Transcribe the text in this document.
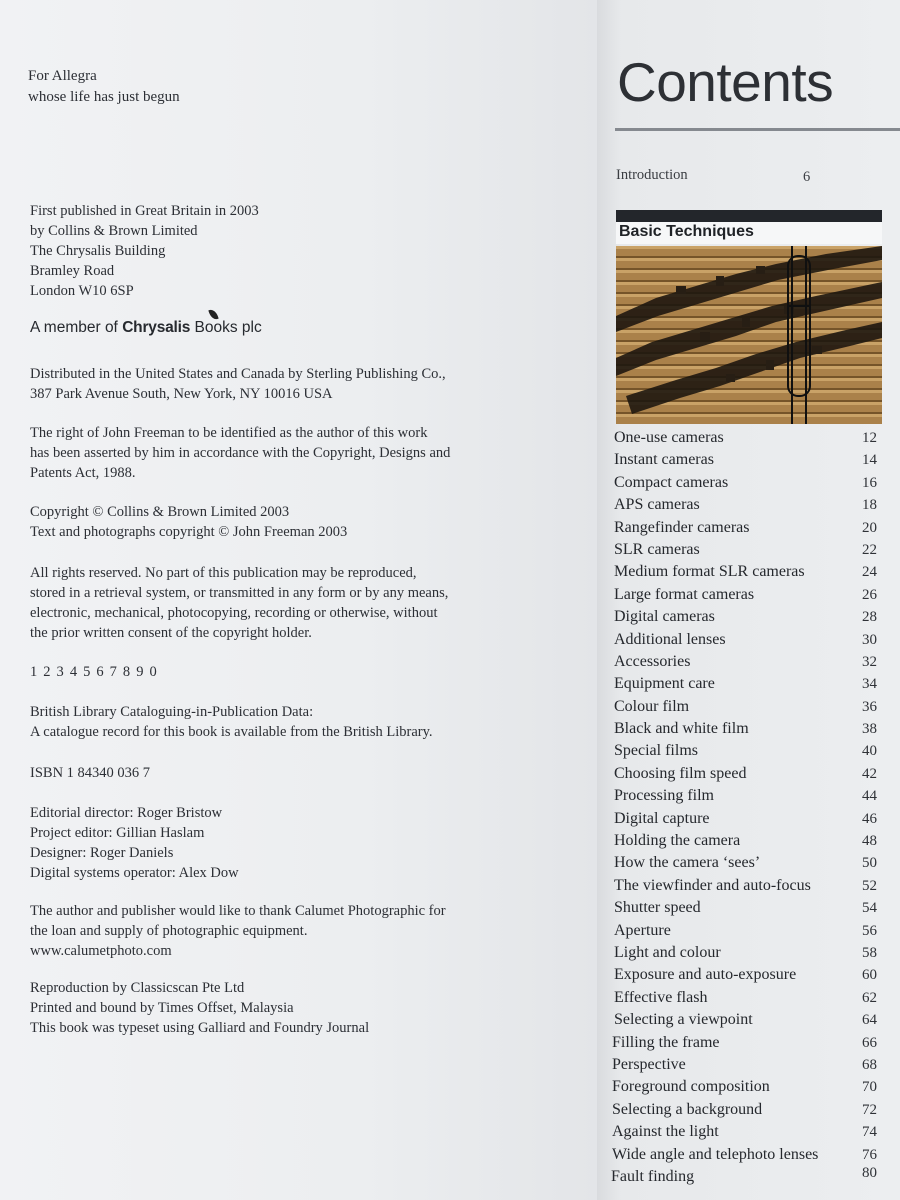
For Allegra
whose life has just begun
First published in Great Britain in 2003
by Collins & Brown Limited
The Chrysalis Building
Bramley Road
London W10 6SP
A member of Chrysalis
Books plc
Distributed in the United States and Canada by Sterling Publishing Co.,
387 Park Avenue South, New York, NY 10016 USA
The right of John Freeman to be identified as the author of this work
has been asserted by him in accordance with the Copyright, Designs and
Patents Act, 1988.
Copyright © Collins & Brown Limited 2003
Text and photographs copyright © John Freeman 2003
All rights reserved. No part of this publication may be reproduced,
stored in a retrieval system, or transmitted in any form or by any means,
electronic, mechanical, photocopying, recording or otherwise, without
the prior written consent of the copyright holder.
1 2 3 4 5 6 7 8 9 0
British Library Cataloguing-in-Publication Data:
A catalogue record for this book is available from the British Library.
ISBN 1 84340 036 7
Editorial director: Roger Bristow
Project editor: Gillian Haslam
Designer: Roger Daniels
Digital systems operator: Alex Dow
The author and publisher would like to thank Calumet Photographic for
the loan and supply of photographic equipment.
www.calumetphoto.com
Reproduction by Classicscan Pte Ltd
Printed and bound by Times Offset, Malaysia
This book was typeset using Galliard and Foundry Journal
Contents
Introduction	6
Basic Techniques
One-use cameras	12
Instant cameras	14
Compact cameras	16
APS cameras	18
Rangefinder cameras	20
SLR cameras	22
Medium format SLR cameras	24
Large format cameras	26
Digital cameras	28
Additional lenses	30
Accessories	32
Equipment care	34
Colour film	36
Black and white film	38
Special films	40
Choosing film speed	42
Processing film	44
Digital capture	46
Holding the camera	48
How the camera ‘sees’	50
The viewfinder and auto-focus	52
Shutter speed	54
Aperture	56
Light and colour	58
Exposure and auto-exposure	60
Effective flash	62
Selecting a viewpoint	64
Filling the frame	66
Perspective	68
Foreground composition	70
Selecting a background	72
Against the light	74
Wide angle and telephoto lenses	76
Fault finding	80
